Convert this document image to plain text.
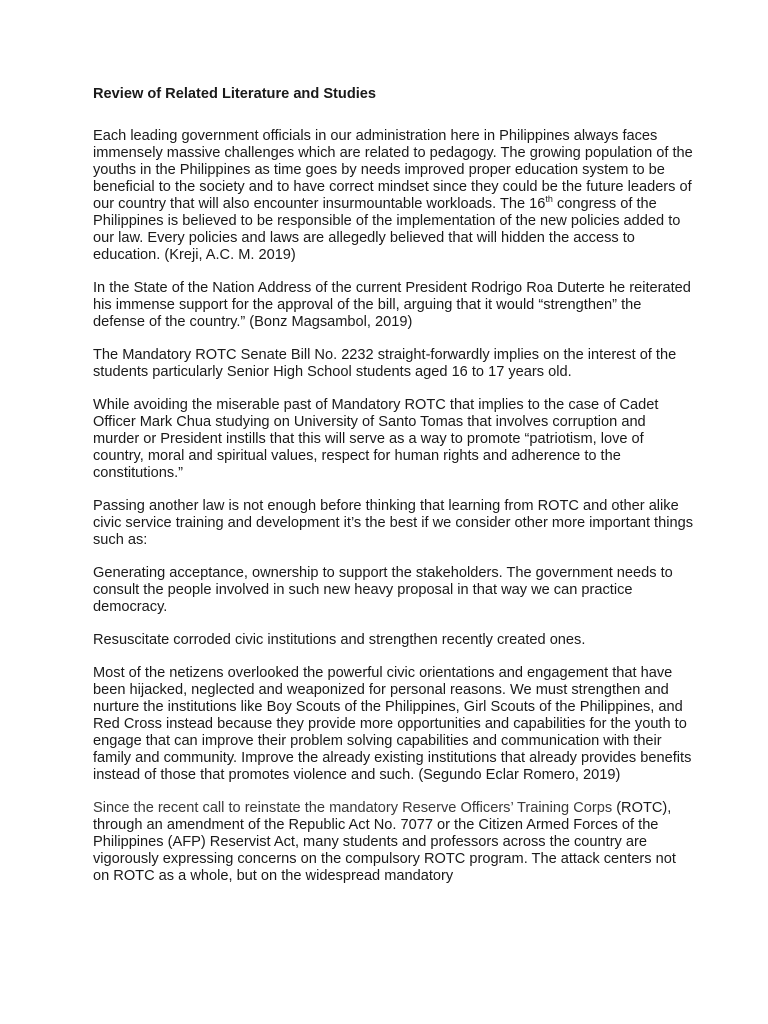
Review of Related Literature and Studies

Each leading government officials in our administration here in Philippines always faces immensely massive challenges which are related to pedagogy. The growing population of the youths in the Philippines as time goes by needs improved proper education system to be beneficial to the society and to have correct mindset since they could be the future leaders of our country that will also encounter insurmountable workloads. The 16th congress of the Philippines is believed to be responsible of the implementation of the new policies added to our law. Every policies and laws are allegedly believed that will hidden the access to education. (Kreji, A.C. M. 2019)

In the State of the Nation Address of the current President Rodrigo Roa Duterte he reiterated his immense support for the approval of the bill, arguing that it would “strengthen” the defense of the country.” (Bonz Magsambol, 2019)

The Mandatory ROTC Senate Bill No. 2232 straight-forwardly implies on the interest of the students particularly Senior High School students aged 16 to 17 years old.

While avoiding the miserable past of Mandatory ROTC that implies to the case of Cadet Officer Mark Chua studying on University of Santo Tomas that involves corruption and murder or President instills that this will serve as a way to promote “patriotism, love of country, moral and spiritual values, respect for human rights and adherence to the constitutions.”

Passing another law is not enough before thinking that learning from ROTC and other alike civic service training and development it’s the best if we consider other more important things such as:

Generating acceptance, ownership to support the stakeholders. The government needs to consult the people involved in such new heavy proposal in that way we can practice democracy.

Resuscitate corroded civic institutions and strengthen recently created ones.

Most of the netizens overlooked the powerful civic orientations and engagement that have been hijacked, neglected and weaponized for personal reasons. We must strengthen and nurture the institutions like Boy Scouts of the Philippines, Girl Scouts of the Philippines, and Red Cross instead because they provide more opportunities and capabilities for the youth to engage that can improve their problem solving capabilities and communication with their family and community. Improve the already existing institutions that already provides benefits instead of those that promotes violence and such. (Segundo Eclar Romero, 2019)

Since the recent call to reinstate the mandatory Reserve Officers’ Training Corps (ROTC), through an amendment of the Republic Act No. 7077 or the Citizen Armed Forces of the Philippines (AFP) Reservist Act, many students and professors across the country are vigorously expressing concerns on the compulsory ROTC program. The attack centers not on ROTC as a whole, but on the widespread mandatory
